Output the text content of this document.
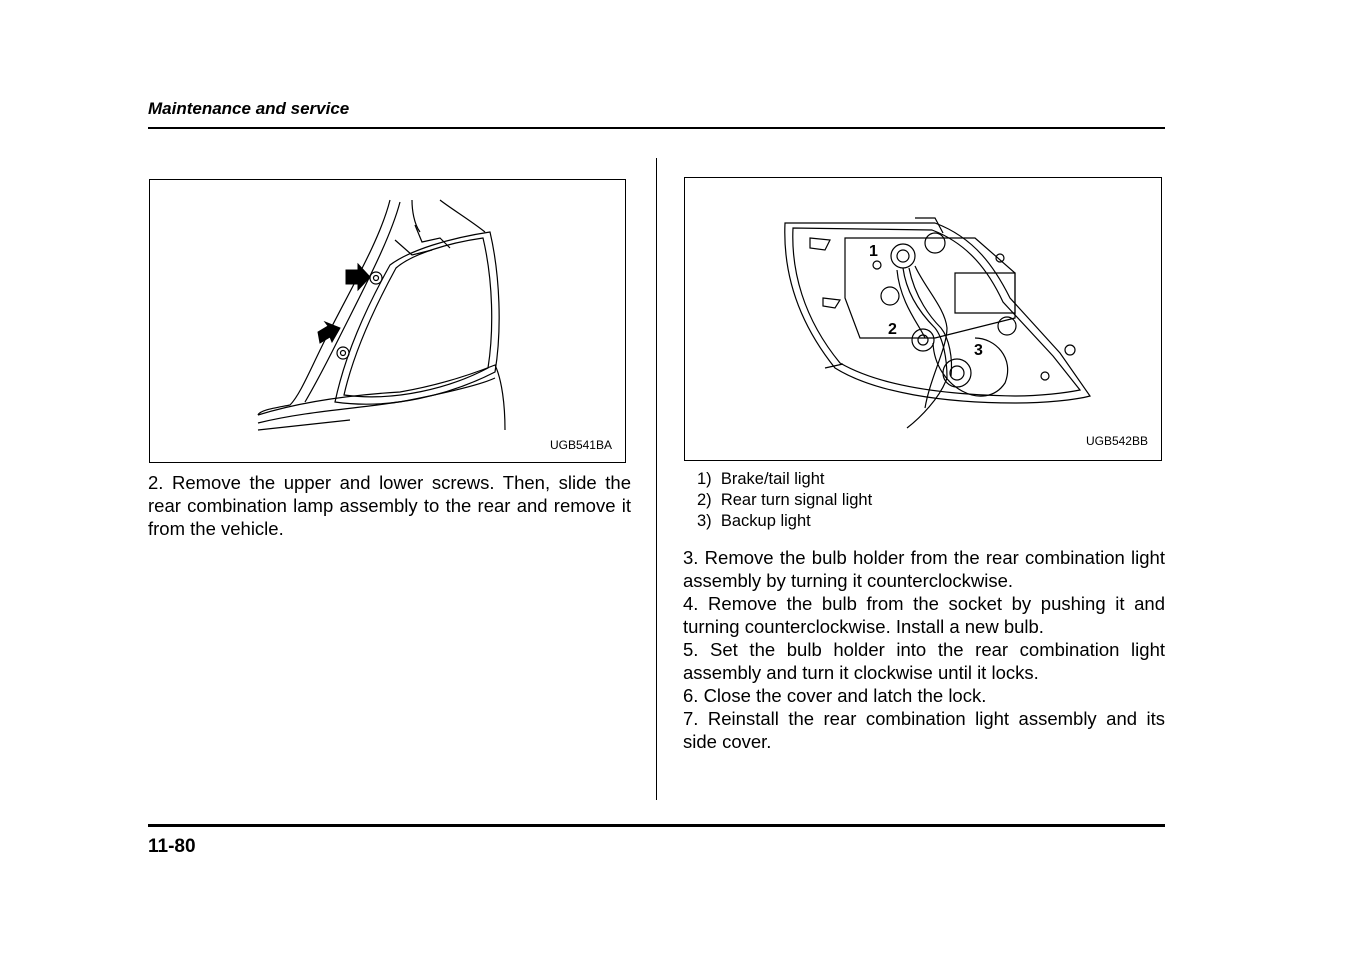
Maintenance and service
UGB541BA
2. Remove the upper and lower screws. Then, slide the rear combination lamp assembly to the rear and remove it from the vehicle.
1
2
3
UGB542BB
1)  Brake/tail light
2)  Rear turn signal light
3)  Backup light
3. Remove the bulb holder from the rear combination light assembly by turning it counterclockwise.
4. Remove the bulb from the socket by pushing it and turning counterclockwise. Install a new bulb.
5. Set the bulb holder into the rear combination light assembly and turn it clockwise until it locks.
6. Close the cover and latch the lock.
7. Reinstall the rear combination light assembly and its side cover.
11-80
